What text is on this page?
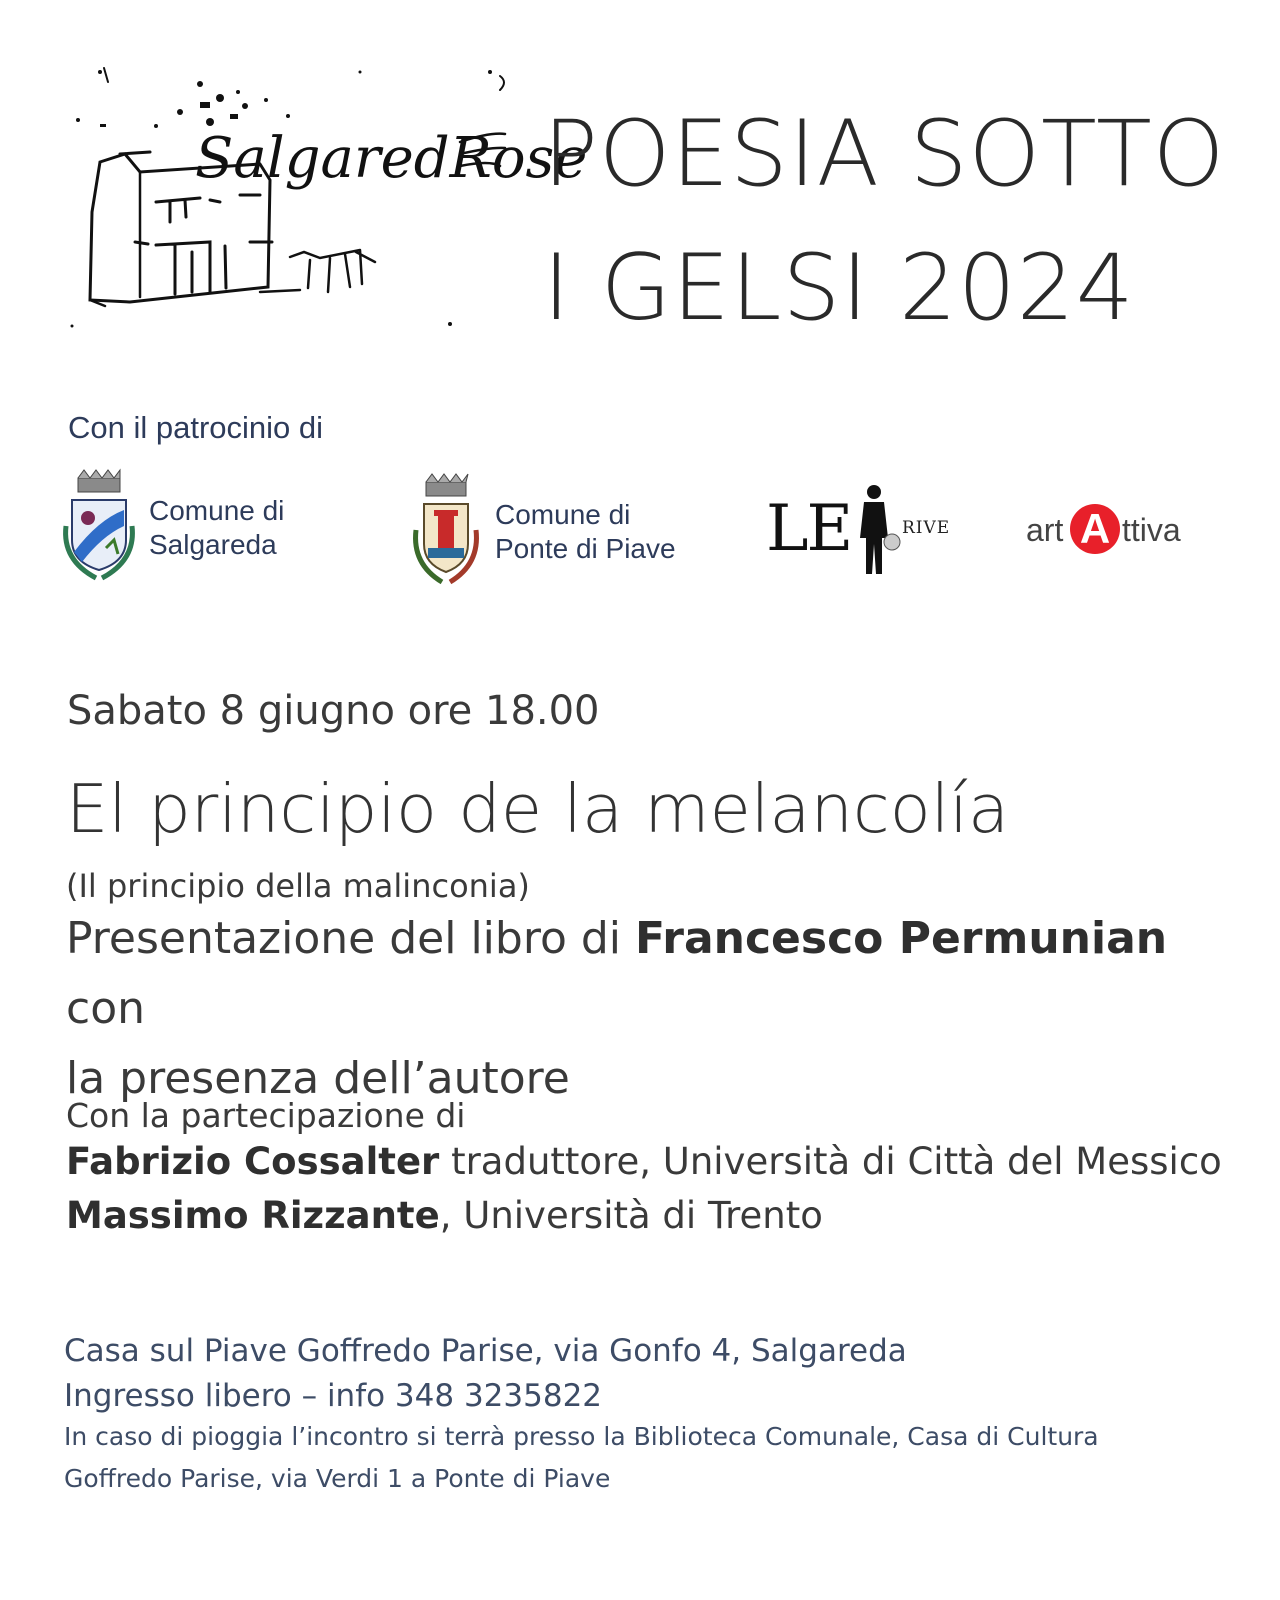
SalgaredRose
POESIA SOTTO
I GELSI 2024
Con il patrocinio di
Comune di
Salgareda
Comune di
Ponte di Piave LE	RIVE art A ttiva
Sabato 8 giugno ore 18.00
El principio de la melancolía
(Il principio della malinconia)
Presentazione del libro di Francesco Permunian con
la presenza dell’autore
Con la partecipazione di
Fabrizio Cossalter traduttore, Università di Città del Messico
Massimo Rizzante, Università di Trento
Casa sul Piave Goffredo Parise, via Gonfo 4, Salgareda
Ingresso libero – info 348 3235822
In caso di pioggia l’incontro si terrà presso la Biblioteca Comunale, Casa di Cultura
Goffredo Parise, via Verdi 1 a Ponte di Piave
